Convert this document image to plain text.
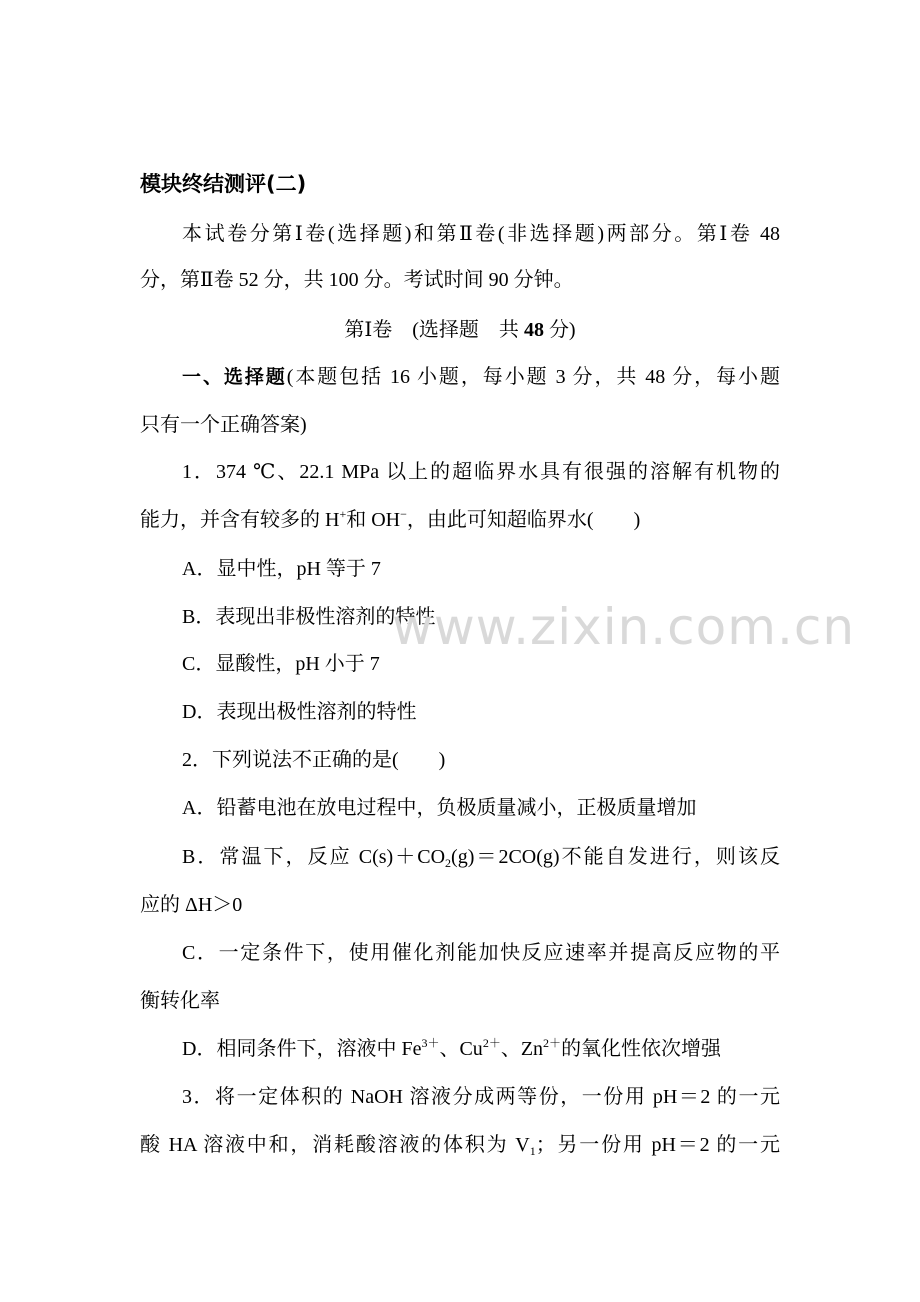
模块终结测评(二)
本试卷分第Ⅰ卷(选择题)和第Ⅱ卷(非选择题)两部分。第Ⅰ卷 48
分，第Ⅱ卷 52 分，共 100 分。考试时间 90 分钟。
第Ⅰ卷　(选择题　共 48 分)
一、选择题(本题包括 16 小题，每小题 3 分，共 48 分，每小题
只有一个正确答案)
1．374 ℃、22.1 MPa 以上的超临界水具有很强的溶解有机物的
能力，并含有较多的 H+和 OH−，由此可知超临界水(　　)
A．显中性，pH 等于 7
B．表现出非极性溶剂的特性
C．显酸性，pH 小于 7
D．表现出极性溶剂的特性
2．下列说法不正确的是(　　)
A．铅蓄电池在放电过程中，负极质量减小，正极质量增加
B．常温下，反应 $C(s)+CO_2(g)=2CO(g)$不能自发进行，则该反
应的 ΔH＞0
C．一定条件下，使用催化剂能加快反应速率并提高反应物的平
衡转化率
D．相同条件下，溶液中 $Fe^{3+}$、$Cu^{2+}$、$Zn^{2+}$的氧化性依次增强
3．将一定体积的 NaOH 溶液分成两等份，一份用 pH＝2 的一元
酸 HA 溶液中和，消耗酸溶液的体积为 $V_1$；另一份用 pH＝2 的一元
www.zixin.com.cn
